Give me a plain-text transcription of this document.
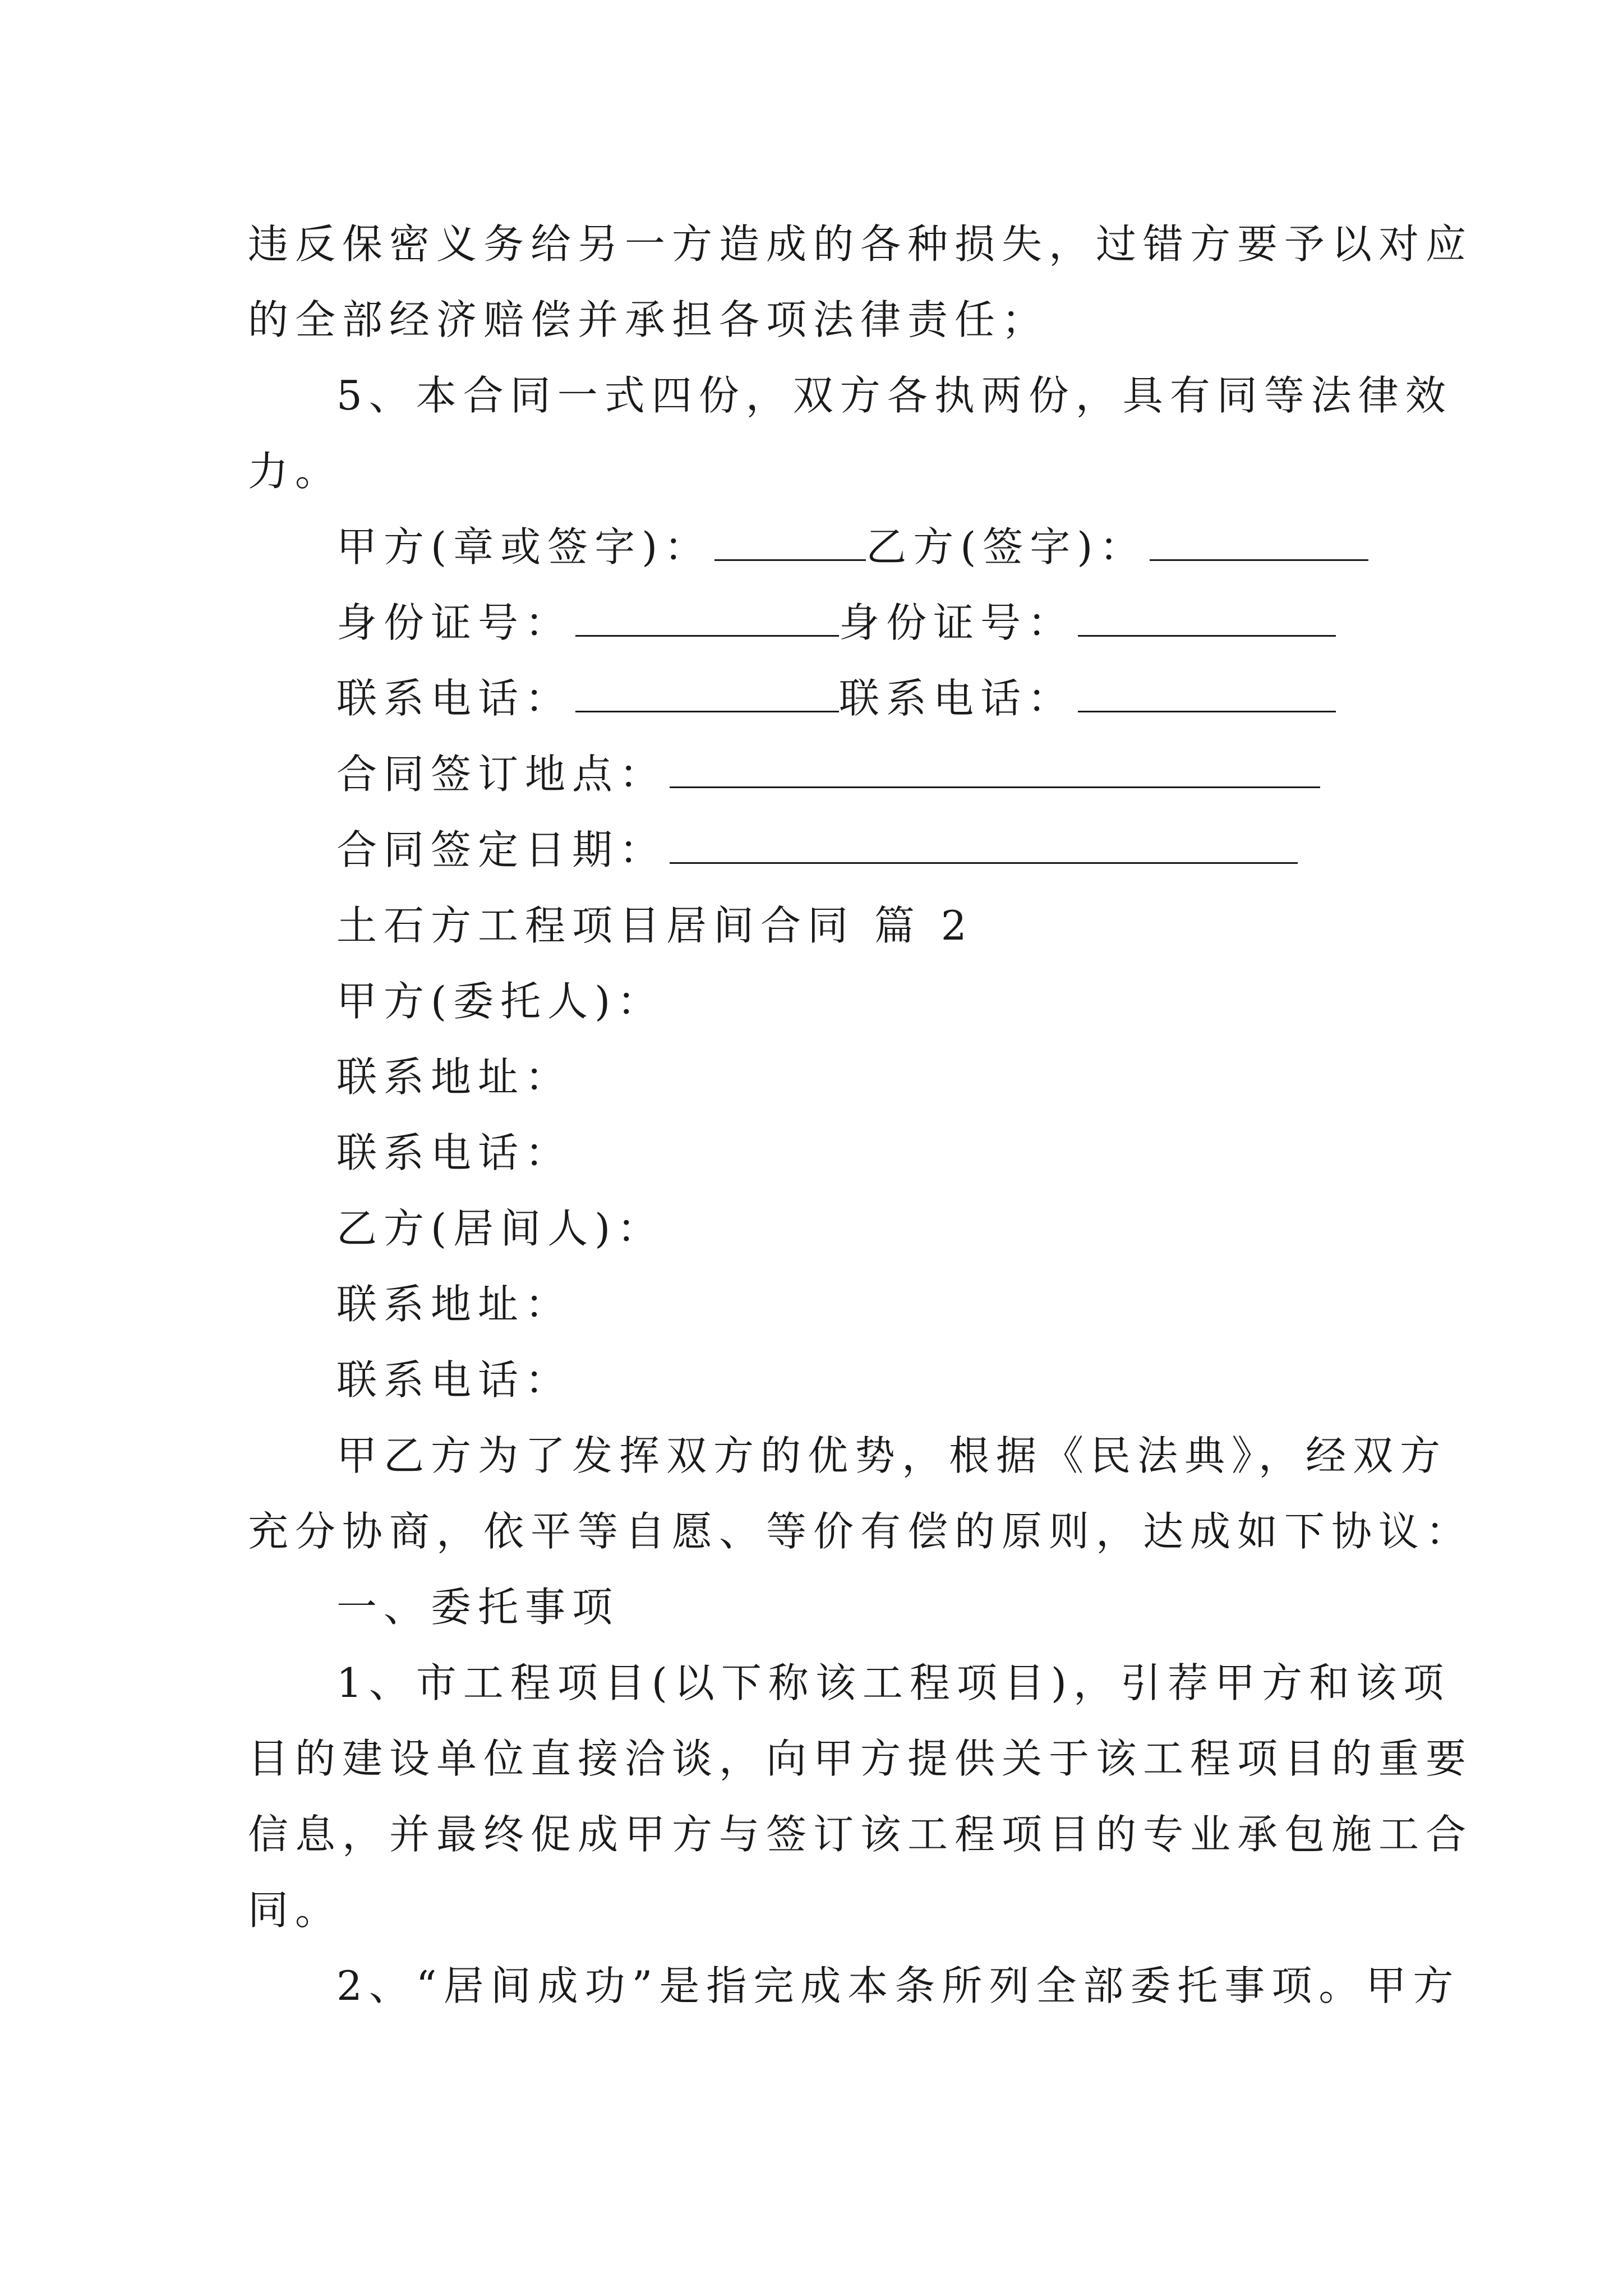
违反保密义务给另一方造成的各种损失，过错方要予以对应
的全部经济赔偿并承担各项法律责任；
5、本合同一式四份，双方各执两份，具有同等法律效
力。
甲方(章或签字)：	乙方(签字)：
身份证号：	身份证号：
联系电话：	联系电话：
合同签订地点：
合同签定日期：
土石方工程项目居间合同 篇 2
甲方(委托人)：
联系地址：
联系电话：
乙方(居间人)：
联系地址：
联系电话：
甲乙方为了发挥双方的优势，根据《民法典》，经双方
充分协商，依平等自愿、等价有偿的原则，达成如下协议：
一、委托事项
1、市工程项目(以下称该工程项目)，引荐甲方和该项
目的建设单位直接洽谈，向甲方提供关于该工程项目的重要
信息，并最终促成甲方与签订该工程项目的专业承包施工合
同。
2、“居间成功”是指完成本条所列全部委托事项。甲方
